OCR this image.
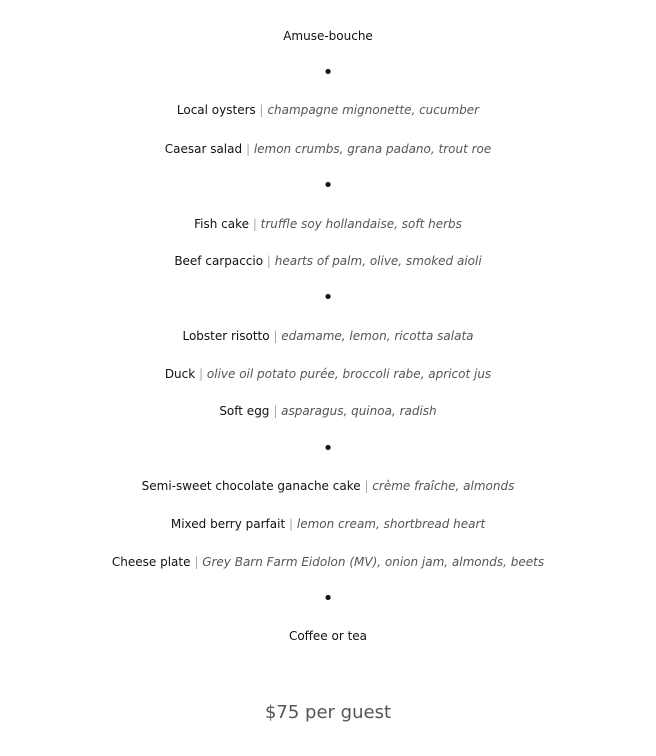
Amuse-bouche
•
Local oysters | champagne mignonette, cucumber
Caesar salad | lemon crumbs, grana padano, trout roe
•
Fish cake | truffle soy hollandaise, soft herbs
Beef carpaccio | hearts of palm, olive, smoked aioli
•
Lobster risotto | edamame, lemon, ricotta salata
Duck | olive oil potato purée, broccoli rabe, apricot jus
Soft egg | asparagus, quinoa, radish
•
Semi-sweet chocolate ganache cake | crème fraîche, almonds
Mixed berry parfait | lemon cream, shortbread heart
Cheese plate | Grey Barn Farm Eidolon (MV), onion jam, almonds, beets
•
Coffee or tea
$75 per guest
